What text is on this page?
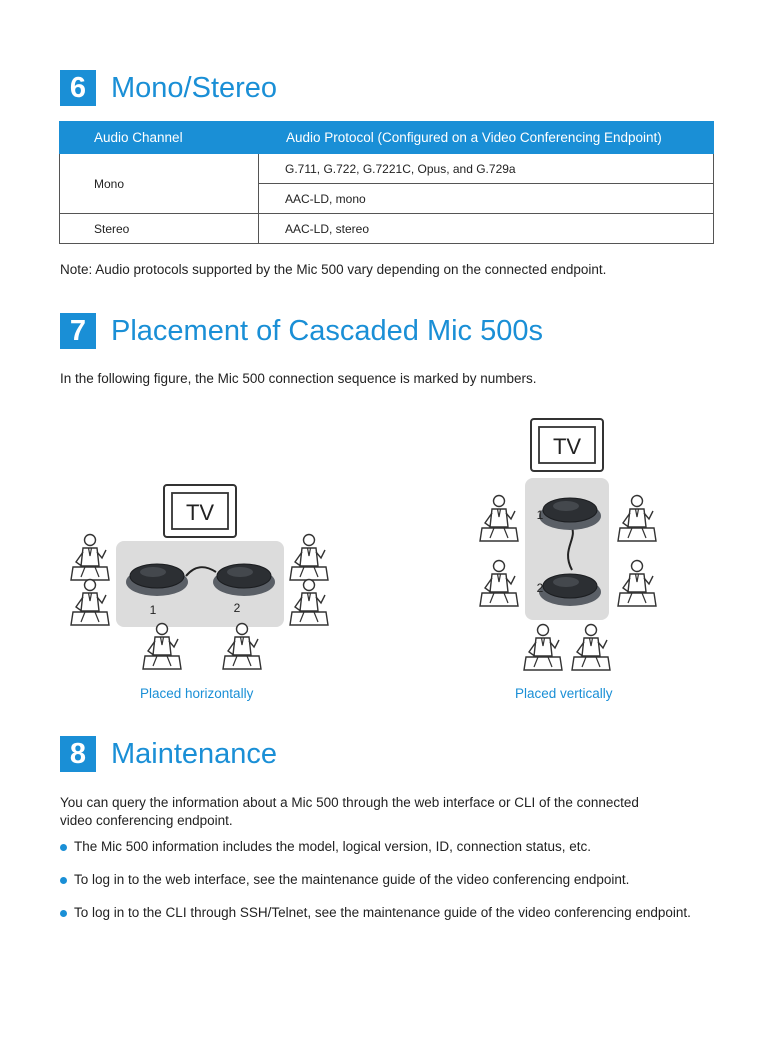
6 Mono/Stereo
Audio Channel	Audio Protocol (Configured on a Video Conferencing Endpoint)
Mono	G.711, G.722, G.7221C, Opus, and G.729a
	AAC-LD, mono
Stereo	AAC-LD, stereo
Note: Audio protocols supported by the Mic 500 vary depending on the connected endpoint.
7 Placement of Cascaded Mic 500s
In the following figure, the Mic 500 connection sequence is marked by numbers.
TV
1	2
TV
1
2
Placed horizontally	Placed vertically
8 Maintenance
You can query the information about a Mic 500 through the web interface or CLI of the connected
video conferencing endpoint.
The Mic 500 information includes the model, logical version, ID, connection status, etc.
To log in to the web interface, see the maintenance guide of the video conferencing endpoint.
To log in to the CLI through SSH/Telnet, see the maintenance guide of the video conferencing endpoint.
